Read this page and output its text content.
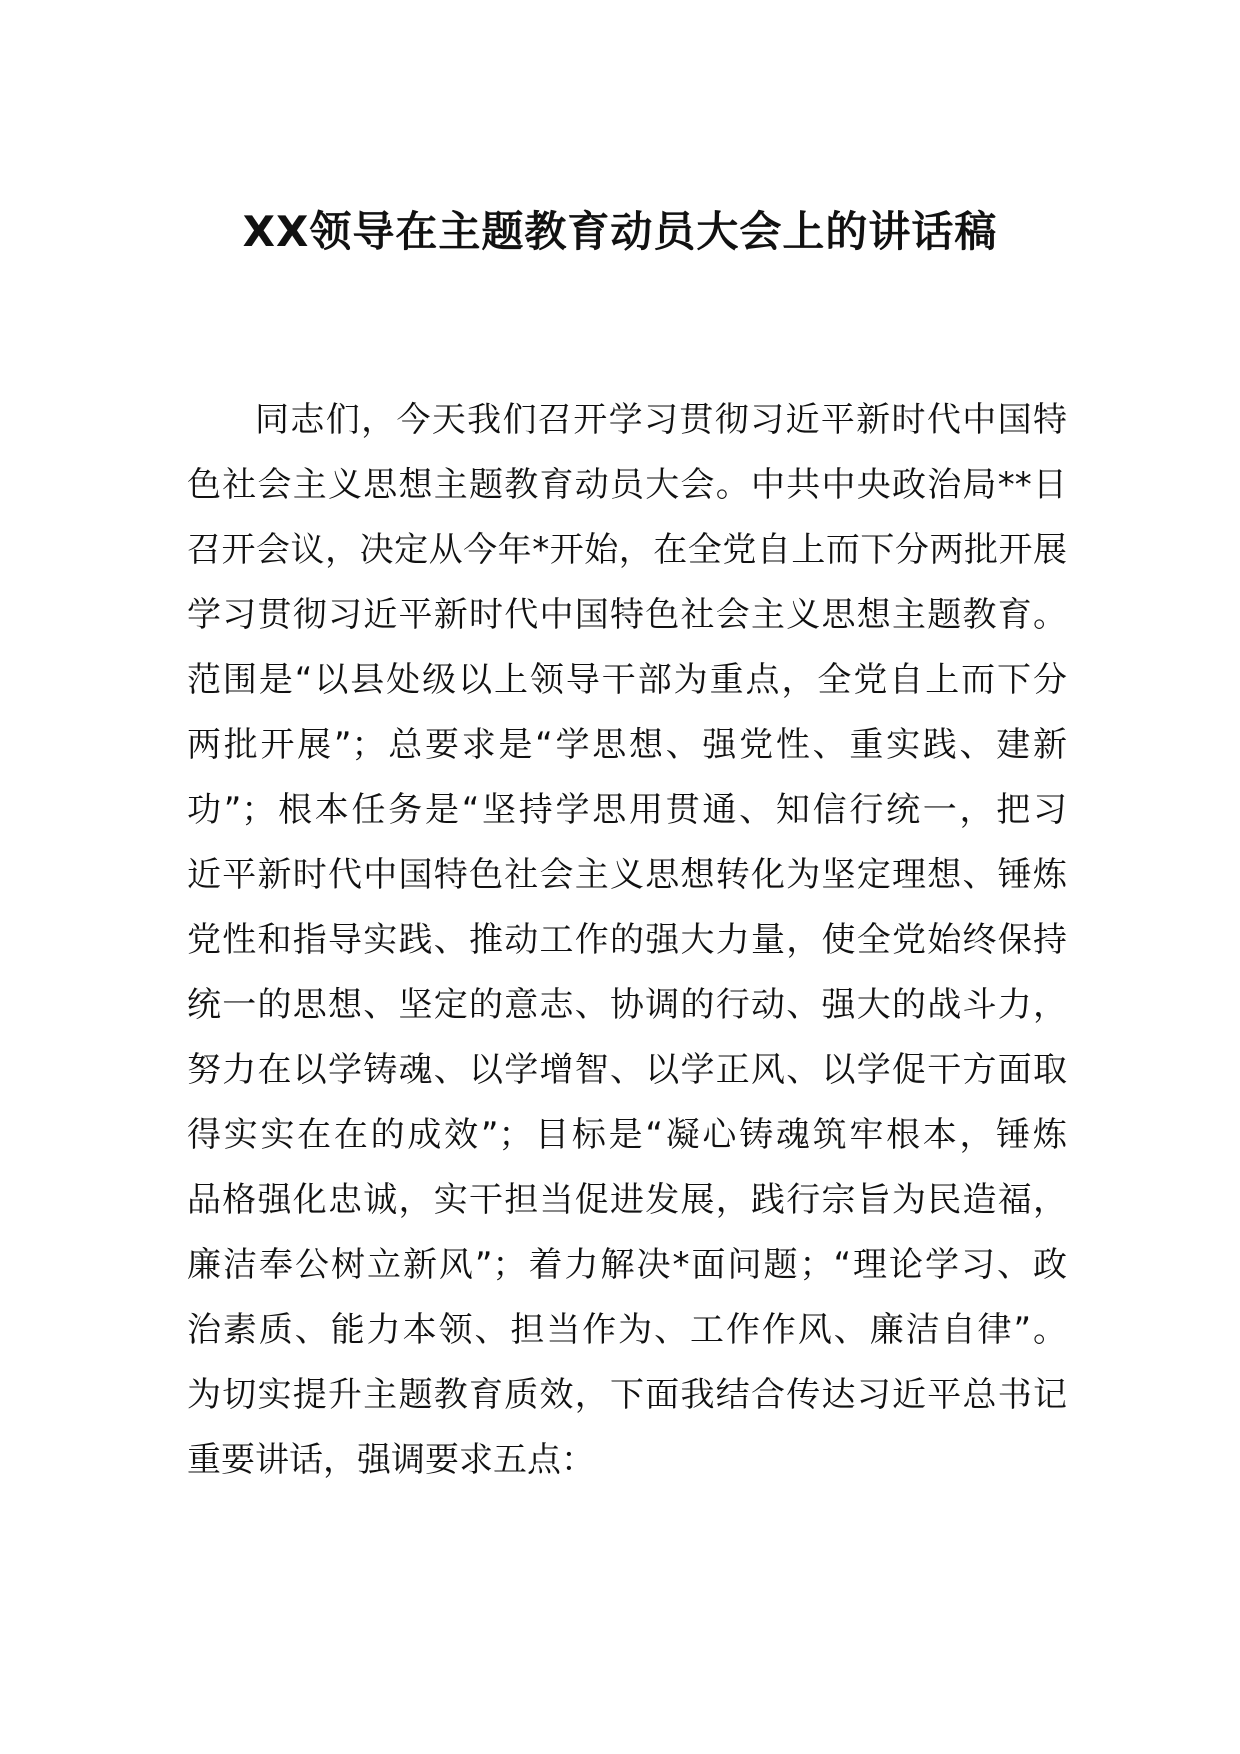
XX领导在主题教育动员大会上的讲话稿
同志们，今天我们召开学习贯彻习近平新时代中国特
色社会主义思想主题教育动员大会。中共中央政治局**日
召开会议，决定从今年*开始，在全党自上而下分两批开展
学习贯彻习近平新时代中国特色社会主义思想主题教育。
范围是“以县处级以上领导干部为重点，全党自上而下分
两批开展”；总要求是“学思想、强党性、重实践、建新
功”；根本任务是“坚持学思用贯通、知信行统一，把习
近平新时代中国特色社会主义思想转化为坚定理想、锤炼
党性和指导实践、推动工作的强大力量，使全党始终保持
统一的思想、坚定的意志、协调的行动、强大的战斗力，
努力在以学铸魂、以学增智、以学正风、以学促干方面取
得实实在在的成效”；目标是“凝心铸魂筑牢根本，锤炼
品格强化忠诚，实干担当促进发展，践行宗旨为民造福，
廉洁奉公树立新风”；着力解决*面问题；“理论学习、政
治素质、能力本领、担当作为、工作作风、廉洁自律”。
为切实提升主题教育质效，下面我结合传达习近平总书记
重要讲话，强调要求五点：
